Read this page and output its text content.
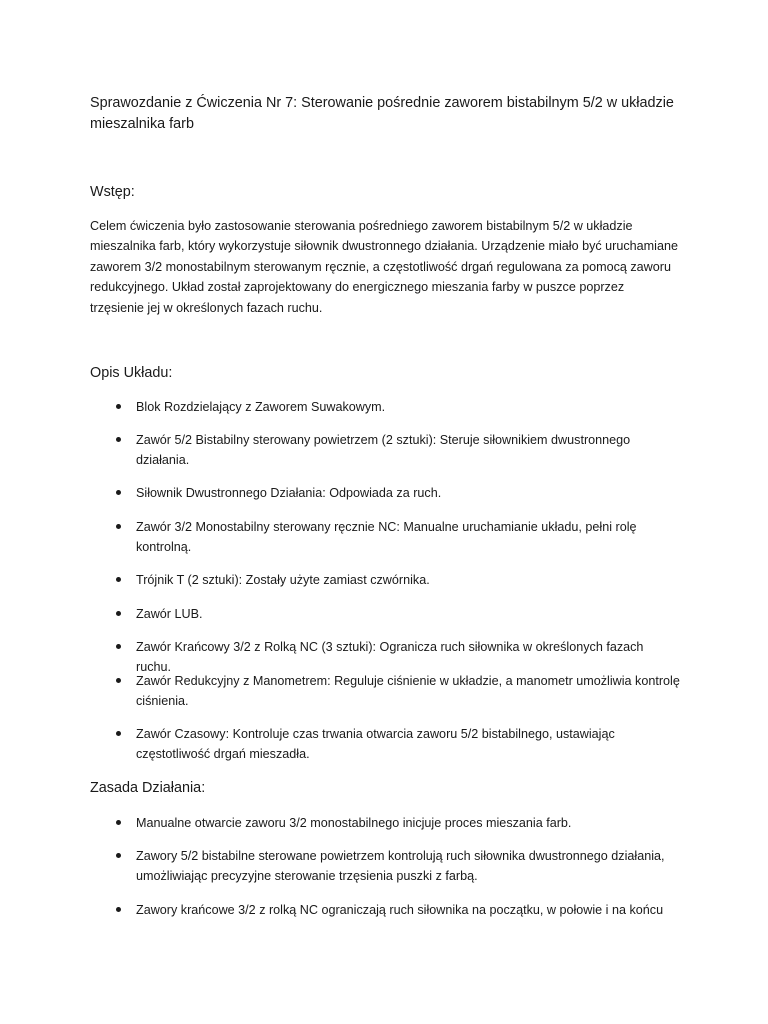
Sprawozdanie z Ćwiczenia Nr 7: Sterowanie pośrednie zaworem bistabilnym 5/2 w układzie mieszalnika farb
Wstęp:

Celem ćwiczenia było zastosowanie sterowania pośredniego zaworem bistabilnym 5/2 w układzie mieszalnika farb, który wykorzystuje siłownik dwustronnego działania. Urządzenie miało być uruchamiane zaworem 3/2 monostabilnym sterowanym ręcznie, a częstotliwość drgań regulowana za pomocą zaworu redukcyjnego. Układ został zaprojektowany do energicznego mieszania farby w puszce poprzez trzęsienie jej w określonych fazach ruchu.

Opis Układu:
Blok Rozdzielający z Zaworem Suwakowym.
Zawór 5/2 Bistabilny sterowany powietrzem (2 sztuki): Steruje siłownikiem dwustronnego działania.
Siłownik Dwustronnego Działania: Odpowiada za ruch.
Zawór 3/2 Monostabilny sterowany ręcznie NC: Manualne uruchamianie układu, pełni rolę kontrolną.
Trójnik T (2 sztuki): Zostały użyte zamiast czwórnika.
Zawór LUB.
Zawór Krańcowy 3/2 z Rolką NC (3 sztuki): Ogranicza ruch siłownika w określonych fazach ruchu.
Zawór Redukcyjny z Manometrem: Reguluje ciśnienie w układzie, a manometr umożliwia kontrolę ciśnienia.
Zawór Czasowy: Kontroluje czas trwania otwarcia zaworu 5/2 bistabilnego, ustawiając częstotliwość drgań mieszadła.
Zasada Działania:
Manualne otwarcie zaworu 3/2 monostabilnego inicjuje proces mieszania farb.
Zawory 5/2 bistabilne sterowane powietrzem kontrolują ruch siłownika dwustronnego działania, umożliwiając precyzyjne sterowanie trzęsienia puszki z farbą.
Zawory krańcowe 3/2 z rolką NC ograniczają ruch siłownika na początku, w połowie i na końcu
